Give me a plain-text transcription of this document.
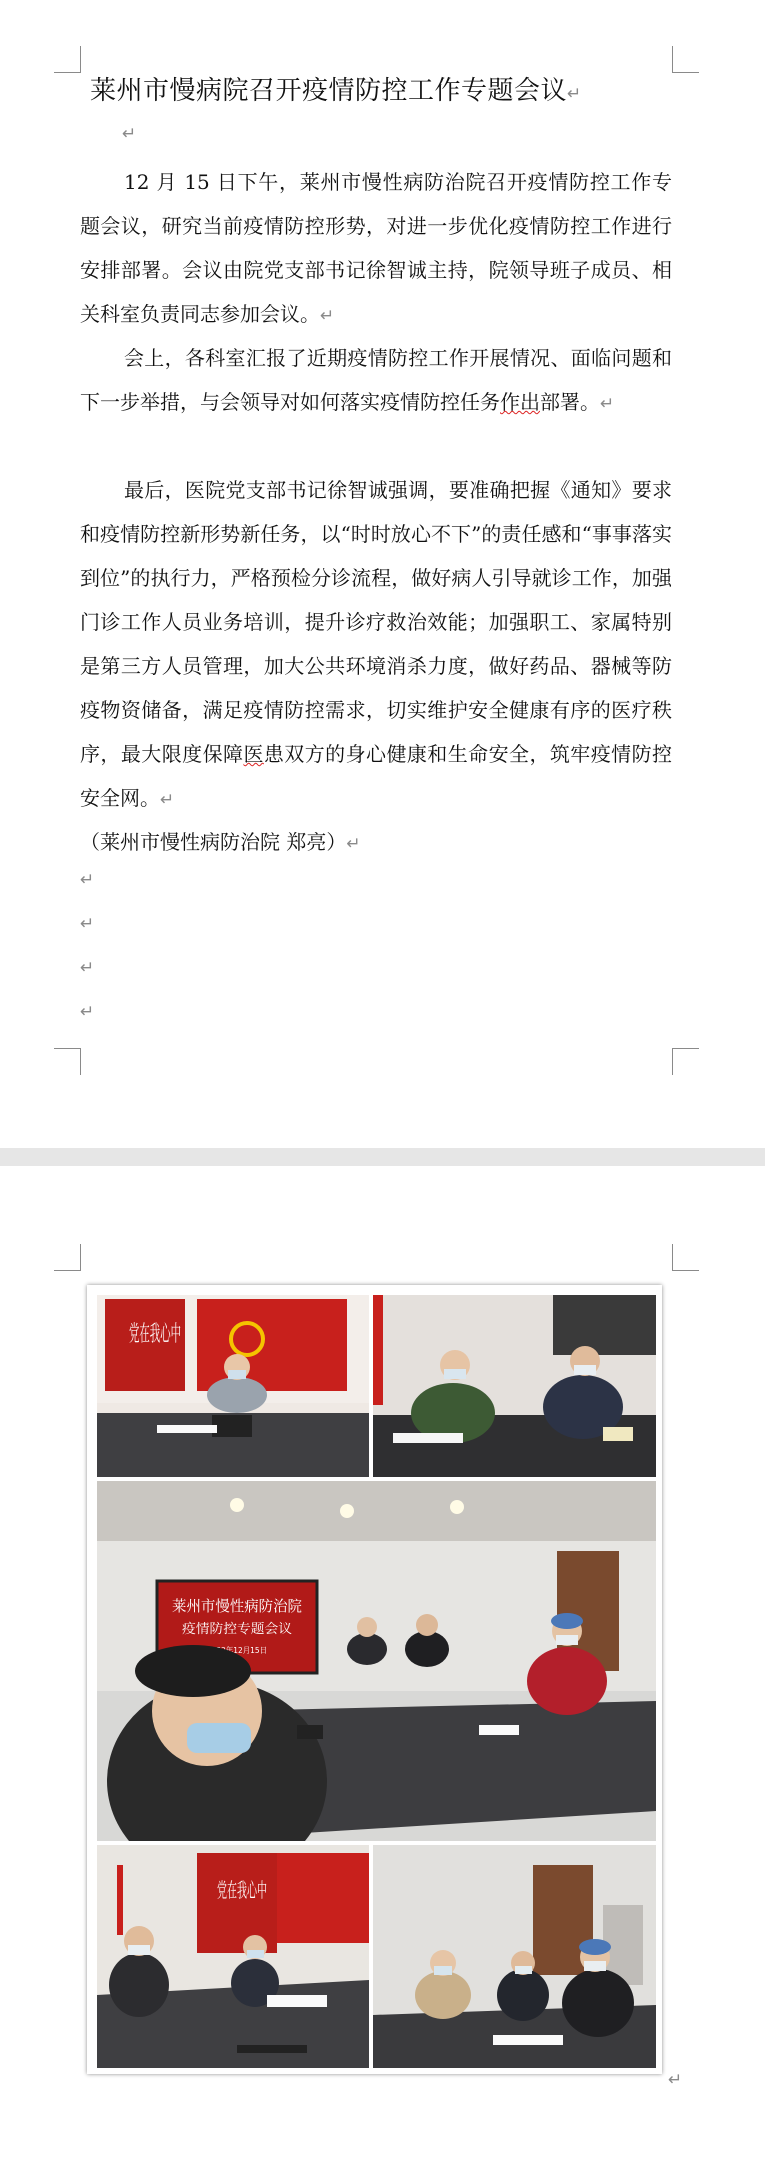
莱州市慢病院召开疫情防控工作专题会议↵
↵
12 月 15 日下午，莱州市慢性病防治院召开疫情防控工作专题会议，研究当前疫情防控形势，对进一步优化疫情防控工作进行安排部署。会议由院党支部书记徐智诚主持，院领导班子成员、相关科室负责同志参加会议。↵
会上，各科室汇报了近期疫情防控工作开展情况、面临问题和下一步举措，与会领导对如何落实疫情防控任务作出部署。↵
最后，医院党支部书记徐智诚强调，要准确把握《通知》要求和疫情防控新形势新任务，以“时时放心不下”的责任感和“事事落实到位”的执行力，严格预检分诊流程，做好病人引导就诊工作，加强门诊工作人员业务培训，提升诊疗救治效能；加强职工、家属特别是第三方人员管理，加大公共环境消杀力度，做好药品、器械等防疫物资储备，满足疫情防控需求，切实维护安全健康有序的医疗秩序，最大限度保障医患双方的身心健康和生命安全，筑牢疫情防控安全网。↵
（莱州市慢性病防治院 郑亮）↵
↵
↵
↵
↵
党在我心中
莱州市慢性病防治院
疫情防控专题会议
2022年12月15日
党在我心中
↵
